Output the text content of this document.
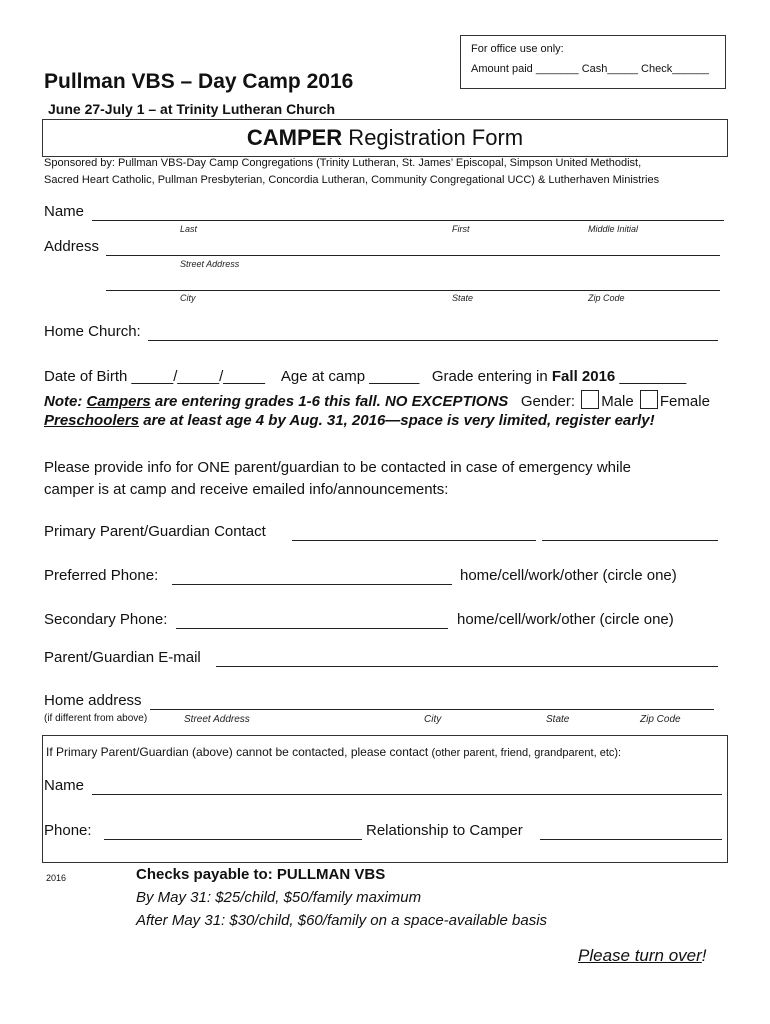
For office use only:
Amount paid _______ Cash_____ Check______
Pullman VBS – Day Camp 2016
June 27-July 1 – at Trinity Lutheran Church
CAMPER Registration Form
Sponsored by: Pullman VBS-Day Camp Congregations (Trinity Lutheran, St. James’ Episcopal, Simpson United Methodist,
Sacred Heart Catholic, Pullman Presbyterian, Concordia Lutheran, Community Congregational UCC) & Lutherhaven Ministries
Name
Last	First	Middle Initial
Address
Street Address
City	State	Zip Code
Home Church:
Date of Birth _____/_____/_____ Age at camp ______ Grade entering in Fall 2016 ________
Note: Campers are entering grades 1-6 this fall. NO EXCEPTIONS Gender: Male Female
Preschoolers are at least age 4 by Aug. 31, 2016—space is very limited, register early!
Please provide info for ONE parent/guardian to be contacted in case of emergency while
camper is at camp and receive emailed info/announcements:
Primary Parent/Guardian Contact
Preferred Phone:	home/cell/work/other (circle one)
Secondary Phone:	home/cell/work/other (circle one)
Parent/Guardian E-mail
Home address
(if different from above)	Street Address	City	State	Zip Code
If Primary Parent/Guardian (above) cannot be contacted, please contact (other parent, friend, grandparent, etc):
Name
Phone:	Relationship to Camper
2016	Checks payable to: PULLMAN VBS
By May 31: $25/child, $50/family maximum
After May 31: $30/child, $60/family on a space-available basis
Please turn over!
